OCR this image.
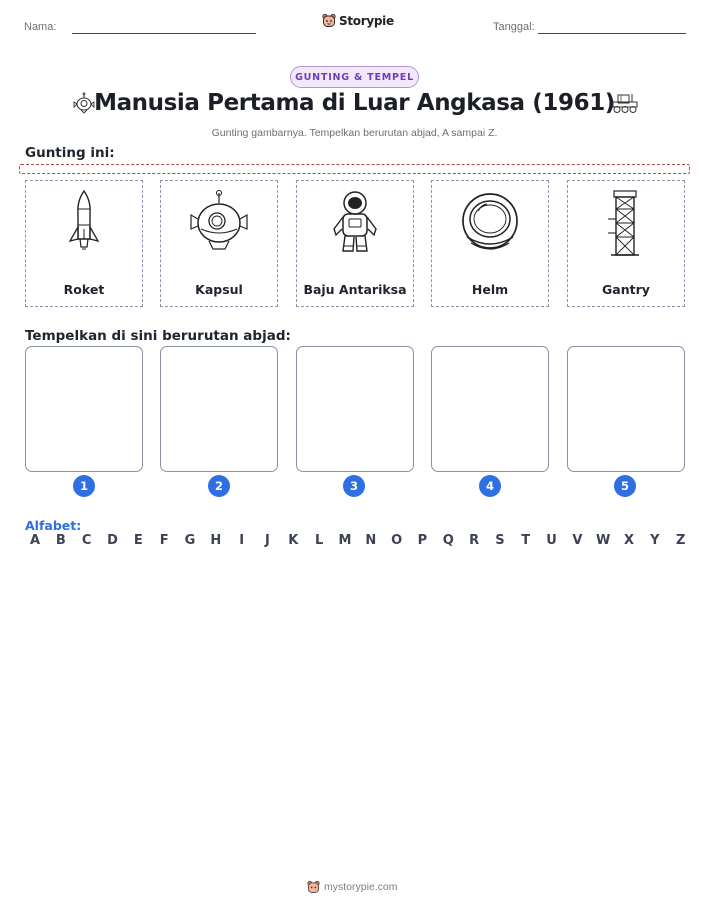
Nama:	Storypie	Tanggal:
GUNTING & TEMPEL
Manusia Pertama di Luar Angkasa (1961)
Gunting gambarnya. Tempelkan berurutan abjad, A sampai Z.
Gunting ini:
Roket	Kapsul	Baju Antariksa	Helm	Gantry
Tempelkan di sini berurutan abjad:
1	2	3	4	5
Alfabet:
A B C D E F G H	I	J	K L M N O P Q R S T U V W X Y Z
mystorypie.com
